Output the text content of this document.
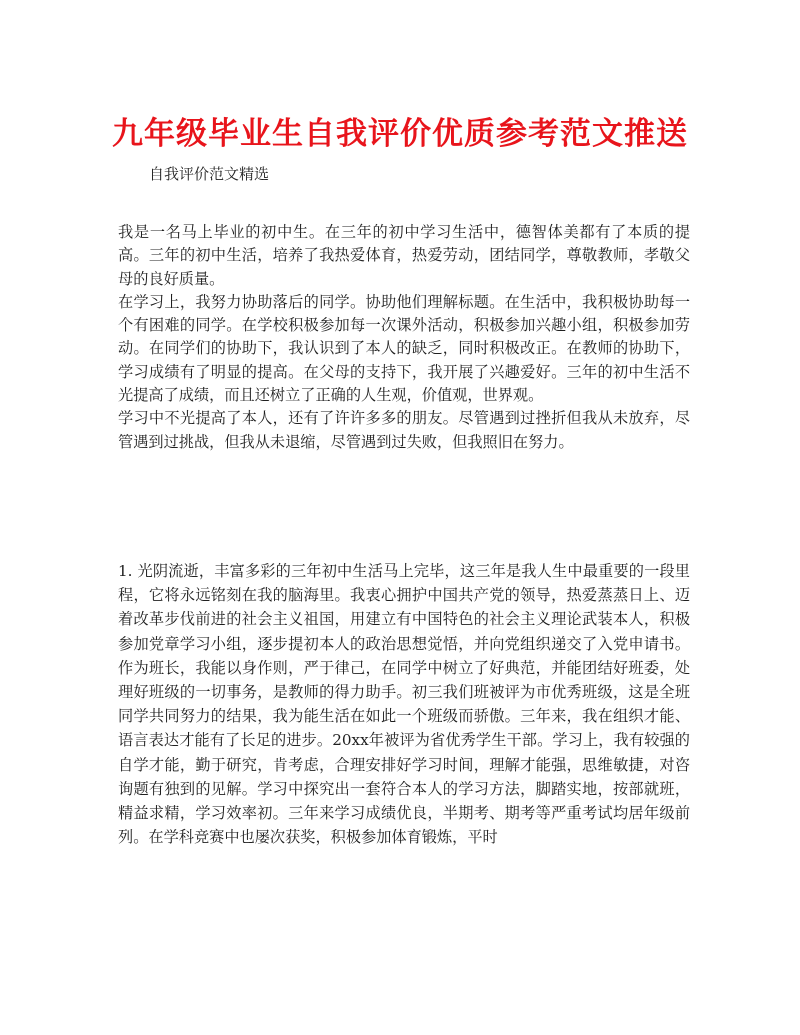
九年级毕业生自我评价优质参考范文推送

自我评价范文精选

我是一名马上毕业的初中生。在三年的初中学习生活中，德智体美都有了本质的提高。三年的初中生活，培养了我热爱体育，热爱劳动，团结同学，尊敬教师，孝敬父母的良好质量。

在学习上，我努力协助落后的同学。协助他们理解标题。在生活中，我积极协助每一个有困难的同学。在学校积极参加每一次课外活动，积极参加兴趣小组，积极参加劳动。在同学们的协助下，我认识到了本人的缺乏，同时积极改正。在教师的协助下，学习成绩有了明显的提高。在父母的支持下，我开展了兴趣爱好。三年的初中生活不光提高了成绩，而且还树立了正确的人生观，价值观，世界观。

学习中不光提高了本人，还有了许许多多的朋友。尽管遇到过挫折但我从未放弃，尽管遇到过挑战，但我从未退缩，尽管遇到过失败，但我照旧在努力。

1. 光阴流逝，丰富多彩的三年初中生活马上完毕，这三年是我人生中最重要的一段里程，它将永远铭刻在我的脑海里。我衷心拥护中国共产党的领导，热爱蒸蒸日上、迈着改革步伐前进的社会主义祖国，用建立有中国特色的社会主义理论武装本人，积极参加党章学习小组，逐步提初本人的政治思想觉悟，并向党组织递交了入党申请书。作为班长，我能以身作则，严于律己，在同学中树立了好典范，并能团结好班委，处理好班级的一切事务，是教师的得力助手。初三我们班被评为市优秀班级，这是全班同学共同努力的结果，我为能生活在如此一个班级而骄傲。三年来，我在组织才能、语言表达才能有了长足的进步。20xx年被评为省优秀学生干部。学习上，我有较强的自学才能，勤于研究，肯考虑，合理安排好学习时间，理解才能强，思维敏捷，对咨询题有独到的见解。学习中探究出一套符合本人的学习方法，脚踏实地，按部就班，精益求精，学习效率初。三年来学习成绩优良，半期考、期考等严重考试均居年级前列。在学科竞赛中也屡次获奖，积极参加体育锻炼，平时
